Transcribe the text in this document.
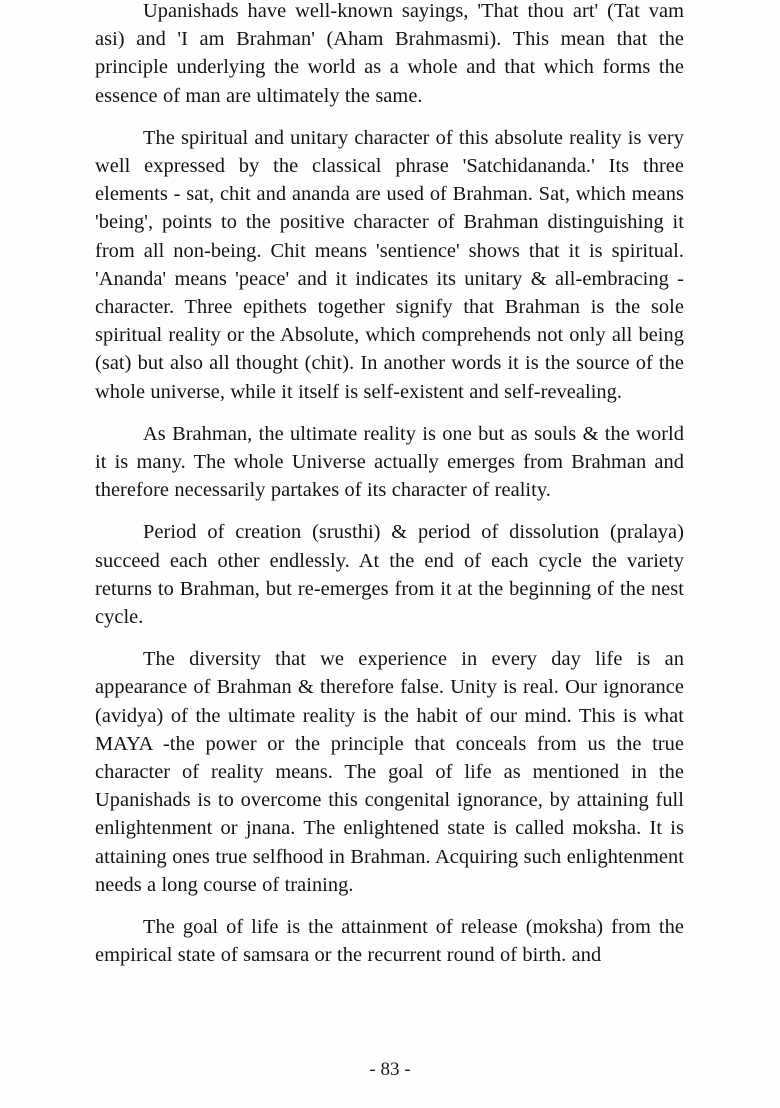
Upanishads have well-known sayings, 'That thou art' (Tat vam asi) and 'I am Brahman' (Aham Brahmasmi). This mean that the principle underlying the world as a whole and that which forms the essence of man are ultimately the same.

The spiritual and unitary character of this absolute reality is very well expressed by the classical phrase 'Satchidananda.' Its three elements - sat, chit and ananda are used of Brahman. Sat, which means 'being', points to the positive character of Brahman distinguishing it from all non-being. Chit means 'sentience' shows that it is spiritual. 'Ananda' means 'peace' and it indicates its unitary & all-embracing -character. Three epithets together signify that Brahman is the sole spiritual reality or the Absolute, which comprehends not only all being (sat) but also all thought (chit). In another words it is the source of the whole universe, while it itself is self-existent and self-revealing.

As Brahman, the ultimate reality is one but as souls & the world it is many. The whole Universe actually emerges from Brahman and therefore necessarily partakes of its character of reality.

Period of creation (srusthi) & period of dissolution (pralaya) succeed each other endlessly. At the end of each cycle the variety returns to Brahman, but re-emerges from it at the beginning of the nest cycle.

The diversity that we experience in every day life is an appearance of Brahman & therefore false. Unity is real. Our ignorance (avidya) of the ultimate reality is the habit of our mind. This is what MAYA -the power or the principle that conceals from us the true character of reality means. The goal of life as mentioned in the Upanishads is to overcome this congenital ignorance, by attaining full enlightenment or jnana. The enlightened state is called moksha. It is attaining ones true selfhood in Brahman. Acquiring such enlightenment needs a long course of training.

The goal of life is the attainment of release (moksha) from the empirical state of samsara or the recurrent round of birth. and

- 83 -
